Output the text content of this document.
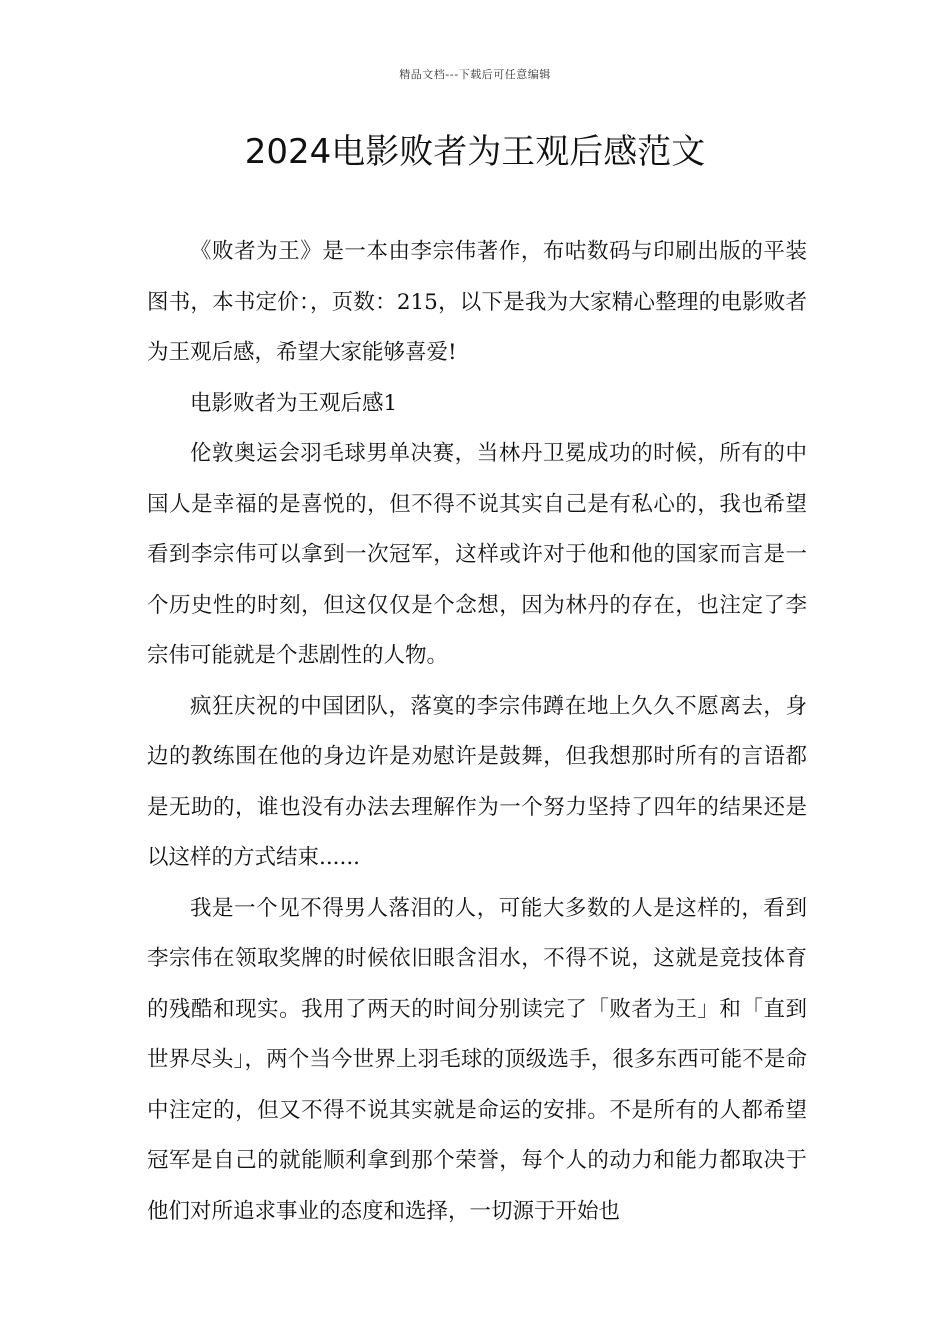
精品文档---下载后可任意编辑
2024电影败者为王观后感范文

《败者为王》是一本由李宗伟著作，布咕数码与印刷出版的平装图书，本书定价：，页数：215，以下是我为大家精心整理的电影败者为王观后感，希望大家能够喜爱!

电影败者为王观后感1

伦敦奥运会羽毛球男单决赛，当林丹卫冕成功的时候，所有的中国人是幸福的是喜悦的，但不得不说其实自己是有私心的，我也希望看到李宗伟可以拿到一次冠军，这样或许对于他和他的国家而言是一个历史性的时刻，但这仅仅是个念想，因为林丹的存在，也注定了李宗伟可能就是个悲剧性的人物。

疯狂庆祝的中国团队，落寞的李宗伟蹲在地上久久不愿离去，身边的教练围在他的身边许是劝慰许是鼓舞，但我想那时所有的言语都是无助的，谁也没有办法去理解作为一个努力坚持了四年的结果还是以这样的方式结束......

我是一个见不得男人落泪的人，可能大多数的人是这样的，看到李宗伟在领取奖牌的时候依旧眼含泪水，不得不说，这就是竞技体育的残酷和现实。我用了两天的时间分别读完了「败者为王」和「直到世界尽头」，两个当今世界上羽毛球的顶级选手，很多东西可能不是命中注定的，但又不得不说其实就是命运的安排。不是所有的人都希望冠军是自己的就能顺利拿到那个荣誉，每个人的动力和能力都取决于他们对所追求事业的态度和选择，一切源于开始也
